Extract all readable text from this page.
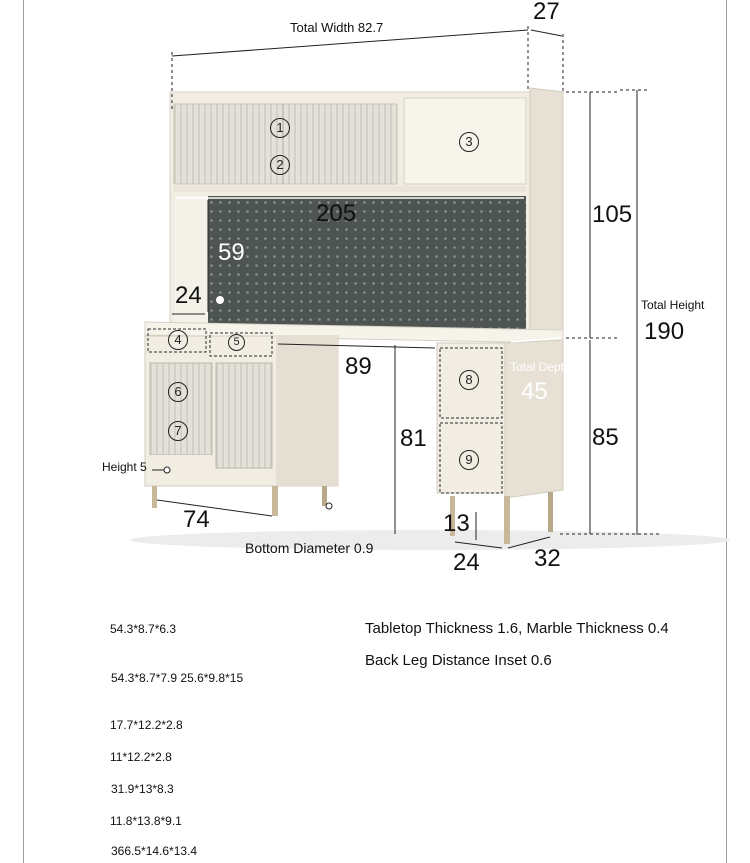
Total Width 82.7
27
205	105
Total Height
190
59
24
89
81
Total Dept
45
85
Height 5
74
Bottom Diameter 0.9
13
24 32
1
2
3
4	5
6
7
8
9
54.3*8.7*6.3
54.3*8.7*7.9 25.6*9.8*15
17.7*12.2*2.8
11*12.2*2.8
31.9*13*8.3
11.8*13.8*9.1
366.5*14.6*13.4
Tabletop Thickness 1.6, Marble Thickness 0.4
Back Leg Distance Inset 0.6
